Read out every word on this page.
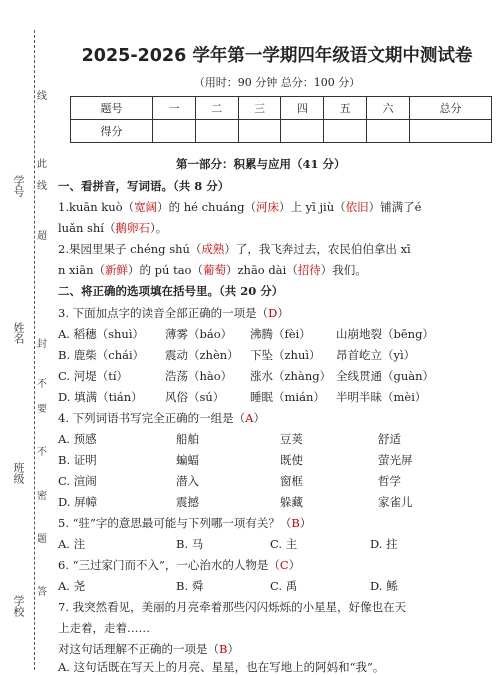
学号
姓名
班级
学校
线
此
线
超
封
不
要
不
密
题
答
2025-2026 学年第一学期四年级语文期中测试卷
（用时：90 分钟 总分：100 分）
题号	一	二	三	四	五	六	总分
得分							
第一部分：积累与应用（41 分）
一、看拼音，写词语。（共 8 分）
1.kuān kuò（宽阔）的 hé chuáng（河床）上 yī jiù（依旧）铺满了é
luǎn shí（鹅卵石）。
2.果园里果子 chéng shú（成熟）了，我飞奔过去，农民伯伯拿出 xī
n xiān（新鲜）的 pú tao（葡萄）zhāo dài（招待）我们。
二、将正确的选项填在括号里。（共 20 分）
3. 下面加点字的读音全部正确的一项是（D）
A. 稻穗（shuì） 薄雾（báo） 沸腾（fèi） 山崩地裂（bēng）
B. 鹿柴（chái） 震动（zhèn） 下坠（zhuì） 昂首屹立（yì）
C. 河堤（tí）	浩荡（hào） 涨水（zhàng） 全线贯通（guàn）
D. 填满（tián） 风俗（sú） 睡眠（mián） 半明半昧（mèi）
4. 下列词语书写完全正确的一组是（A）
A. 预感	船舶	豆荚	舒适
B. 证明	蝙蝠	既使	萤光屏
C. 渲闹	潜入	窗框	哲学
D. 屏幛	震撼	躲藏	家雀儿
5. “驻”字的意思最可能与下列哪一项有关？（B）
A. 注	B. 马	C. 主	D. 拄
6. “三过家门而不入”，一心治水的人物是（C）
A. 尧	B. 舜	C. 禹	D. 鲧
7. 我突然看见，美丽的月亮牵着那些闪闪烁烁的小星星，好像也在天
上走着，走着……
对这句话理解不正确的一项是（B）
A. 这句话既在写天上的月亮、星星，也在写地上的阿妈和“我”。
